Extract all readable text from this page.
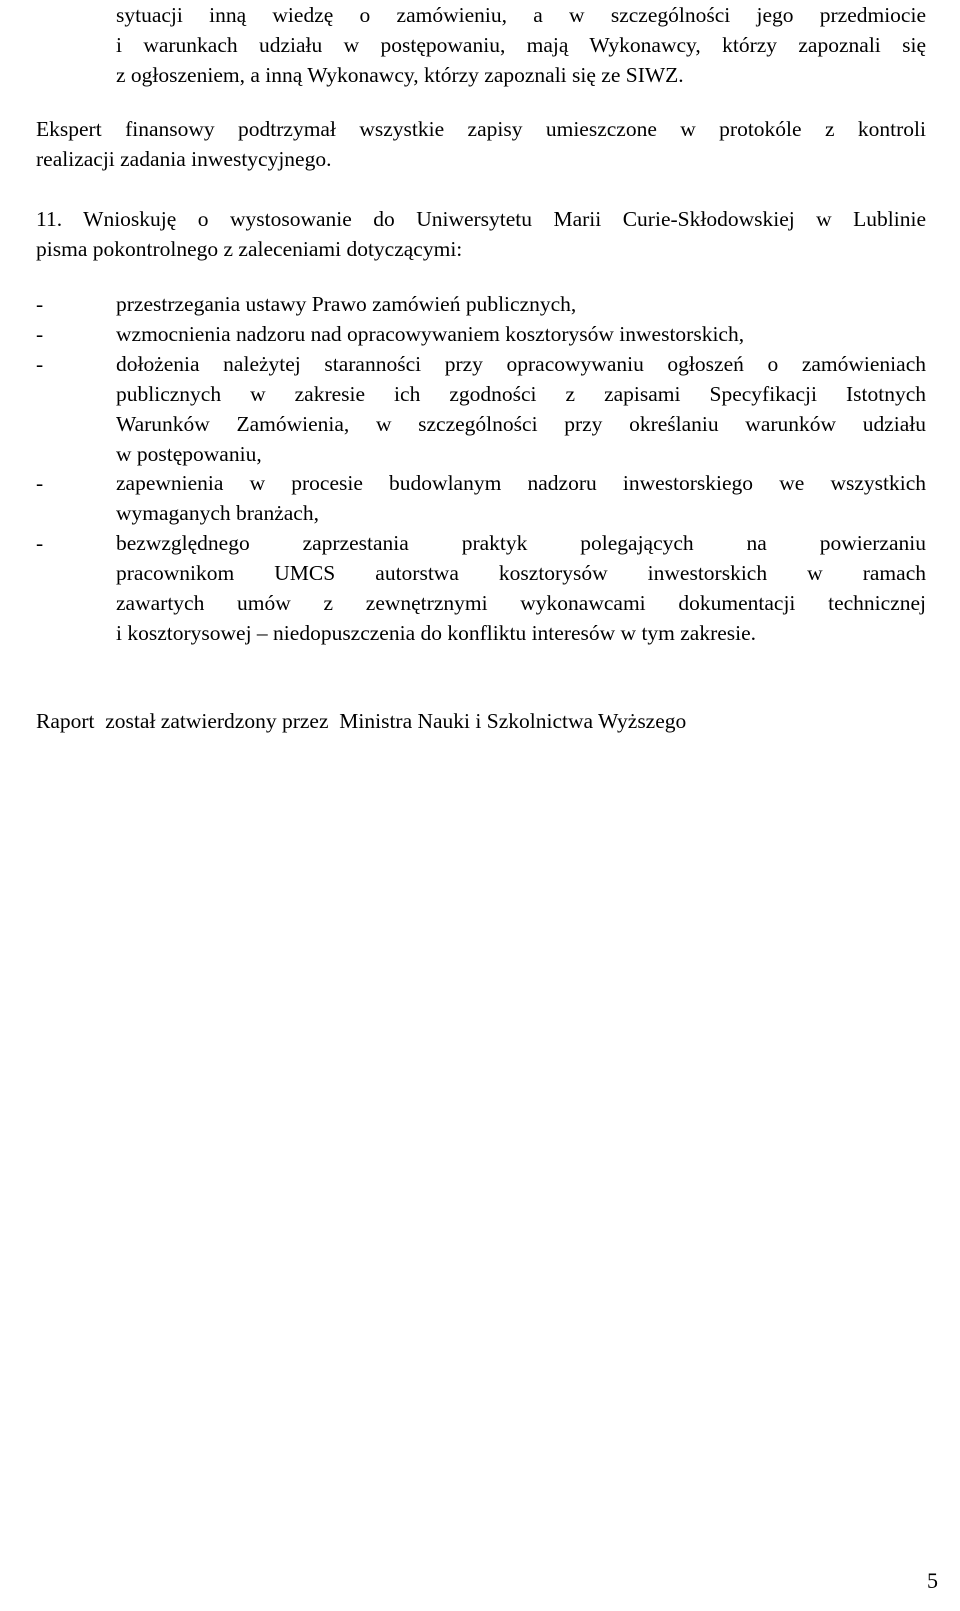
sytuacji inną wiedzę o zamówieniu, a w szczególności jego przedmiocie
i warunkach udziału w postępowaniu, mają Wykonawcy, którzy zapoznali się
z ogłoszeniem, a inną Wykonawcy, którzy zapoznali się ze SIWZ.
Ekspert finansowy podtrzymał wszystkie zapisy umieszczone w protokóle z kontroli
realizacji zadania inwestycyjnego.
11. Wnioskuję o wystosowanie do Uniwersytetu Marii Curie-Skłodowskiej w Lublinie
pisma pokontrolnego z zaleceniami dotyczącymi:
-	przestrzegania ustawy Prawo zamówień publicznych,
-	wzmocnienia nadzoru nad opracowywaniem kosztorysów inwestorskich,
-	dołożenia należytej staranności przy opracowywaniu ogłoszeń o zamówieniach
publicznych w zakresie ich zgodności z zapisami Specyfikacji Istotnych
Warunków Zamówienia, w szczególności przy określaniu warunków udziału
w postępowaniu,
-	zapewnienia w procesie budowlanym nadzoru inwestorskiego we wszystkich
wymaganych branżach,
-	bezwzględnego zaprzestania praktyk polegających na powierzaniu
pracownikom UMCS autorstwa kosztorysów inwestorskich w ramach
zawartych umów z zewnętrznymi wykonawcami dokumentacji technicznej
i kosztorysowej – niedopuszczenia do konfliktu interesów w tym zakresie.
Raport  został zatwierdzony przez  Ministra Nauki i Szkolnictwa Wyższego
5
